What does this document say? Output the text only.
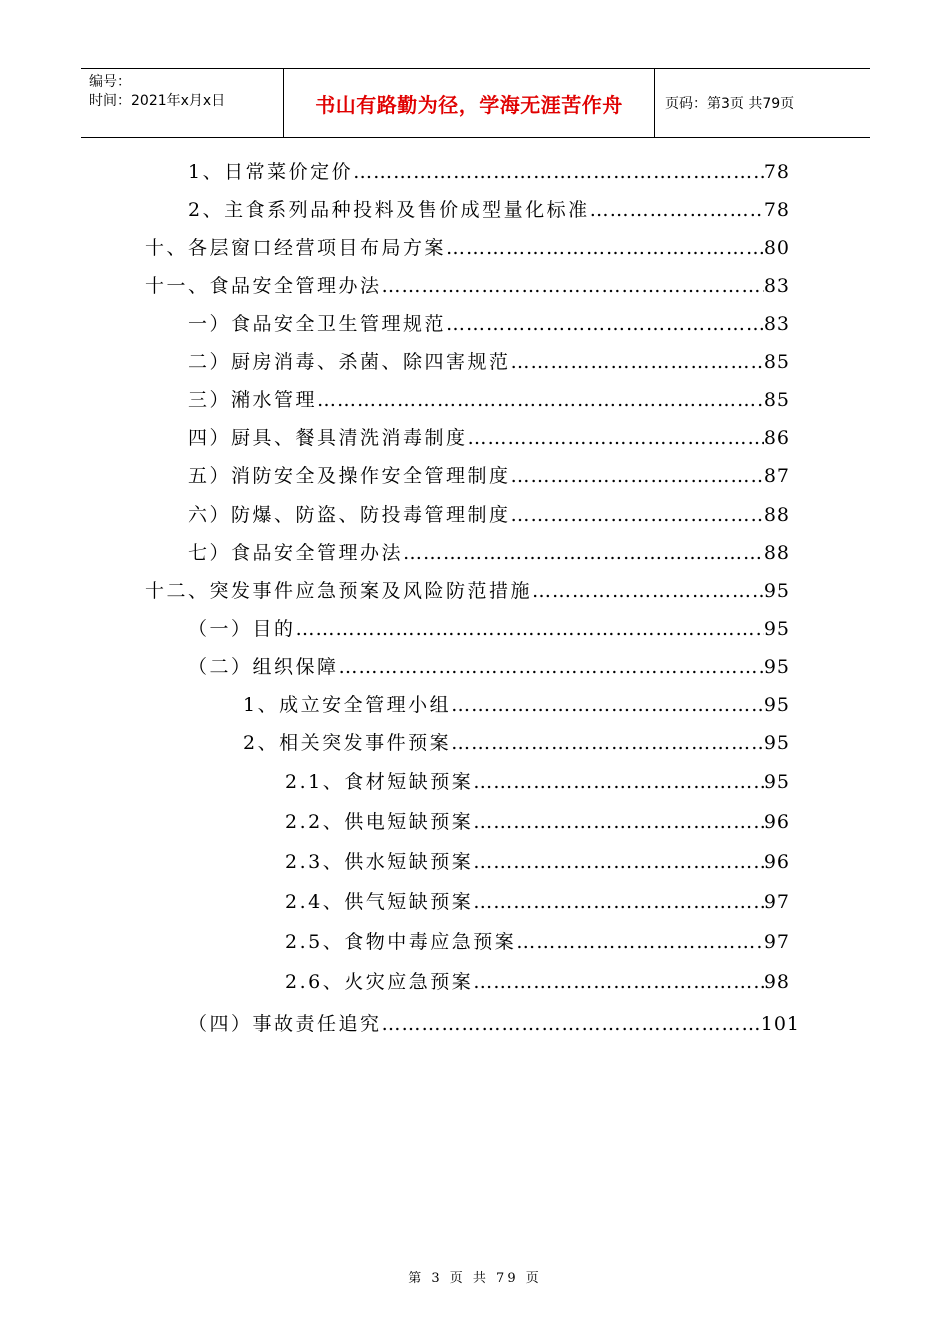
编号：
时间：2021年x月x日	书山有路勤为径，学海无涯苦作舟	页码：第3页 共79页
1、日常菜价定价 …………………………………………………………………………………………………………………………………………………………	78
2、主食系列品种投料及售价成型量化标准 …………………………………………………………………………………………………………………………………………………………	78
十、各层窗口经营项目布局方案 …………………………………………………………………………………………………………………………………………………………	80
十一、食品安全管理办法 …………………………………………………………………………………………………………………………………………………………	83
一）食品安全卫生管理规范 …………………………………………………………………………………………………………………………………………………………	83
二）厨房消毒、杀菌、除四害规范 …………………………………………………………………………………………………………………………………………………………	85
三）潲水管理 …………………………………………………………………………………………………………………………………………………………	85
四）厨具、餐具清洗消毒制度 …………………………………………………………………………………………………………………………………………………………	86
五）消防安全及操作安全管理制度 …………………………………………………………………………………………………………………………………………………………	87
六）防爆、防盗、防投毒管理制度 …………………………………………………………………………………………………………………………………………………………	88
七）食品安全管理办法 …………………………………………………………………………………………………………………………………………………………	88
十二、突发事件应急预案及风险防范措施 …………………………………………………………………………………………………………………………………………………………	95
（一）目的 …………………………………………………………………………………………………………………………………………………………	95
（二）组织保障 …………………………………………………………………………………………………………………………………………………………	95
1、成立安全管理小组 …………………………………………………………………………………………………………………………………………………………	95
2、相关突发事件预案 …………………………………………………………………………………………………………………………………………………………	95
2.1、食材短缺预案 …………………………………………………………………………………………………………………………………………………………	95
2.2、供电短缺预案 …………………………………………………………………………………………………………………………………………………………	96
2.3、供水短缺预案 …………………………………………………………………………………………………………………………………………………………	96
2.4、供气短缺预案 …………………………………………………………………………………………………………………………………………………………	97
2.5、食物中毒应急预案 …………………………………………………………………………………………………………………………………………………………	97
2.6、火灾应急预案 …………………………………………………………………………………………………………………………………………………………	98
（四）事故责任追究 …………………………………………………………………………………………………………………………………………………………	101
第 3 页 共 79 页
